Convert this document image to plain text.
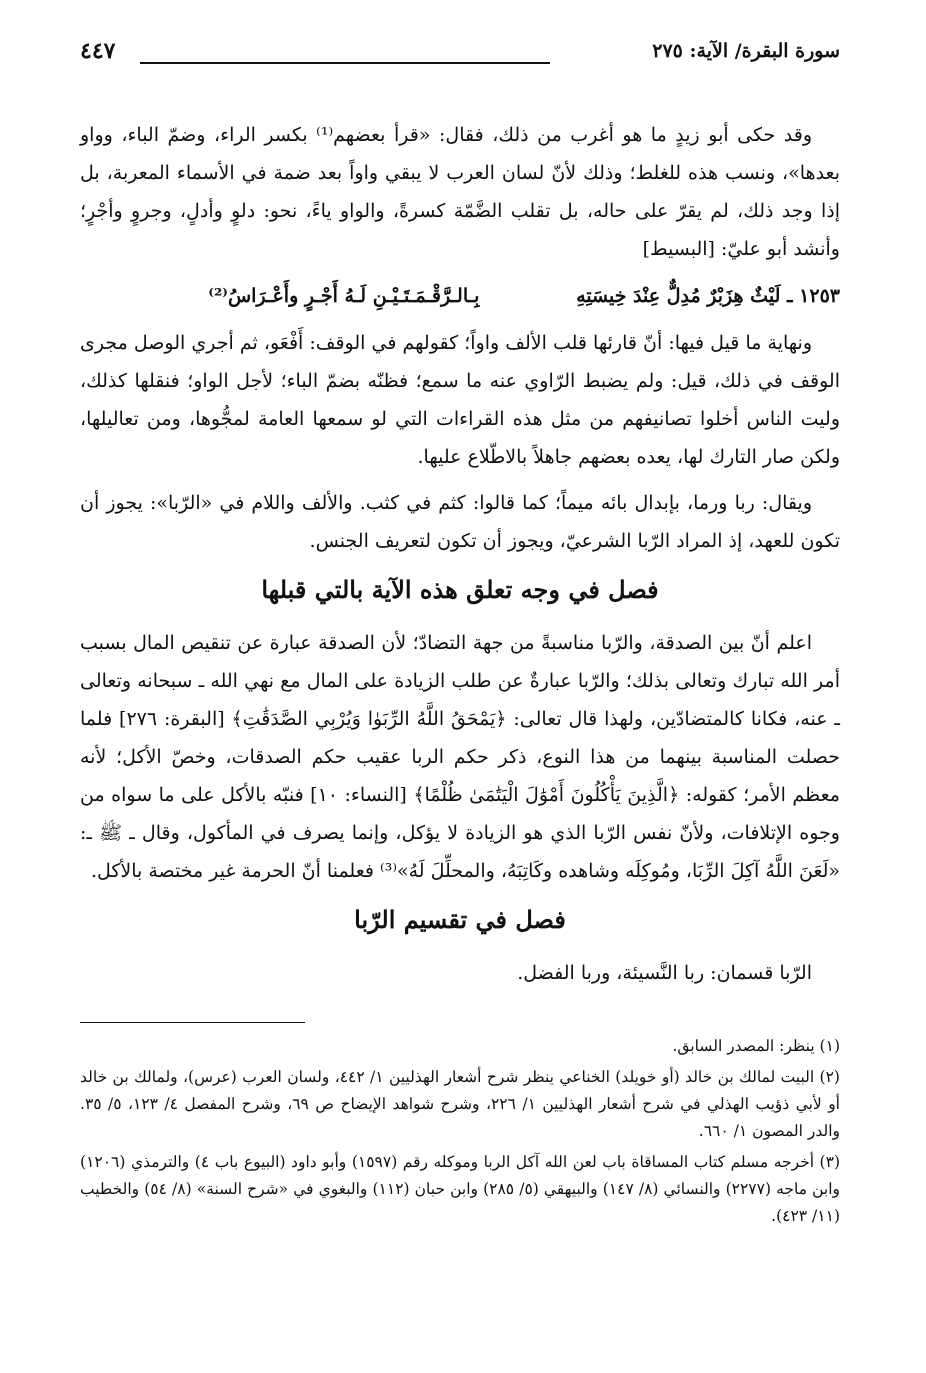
سورة البقرة/ الآية: ٢٧٥
٤٤٧

وقد حكى أبو زيدٍ ما هو أغرب من ذلك، فقال: «قرأ بعضهم⁽¹⁾ بكسر الراء، وضمّ الباء، وواو بعدها»، ونسب هذه للغلط؛ وذلك لأنّ لسان العرب لا يبقي واواً بعد ضمة في الأسماء المعربة، بل إذا وجد ذلك، لم يقرّ على حاله، بل تقلب الضَّمّة كسرةً، والواو ياءً، نحو: دلوٍ وأدلٍ، وجروٍ وأجْرٍ؛ وأنشد أبو عليّ: [البسيط]

١٢٥٣ ـ لَيْثٌ هِزَبْرٌ مُدِلٌّ عِنْدَ خِيسَتِهِ بِـالـرَّقْـمَـتَـيْـنِ لَـهُ أَجْـرٍ وأَعْـرَاسُ⁽²⁾

ونهاية ما قيل فيها: أنّ قارئها قلب الألف واواً؛ كقولهم في الوقف: أَفْعَو، ثم أجري الوصل مجرى الوقف في ذلك، قيل: ولم يضبط الرّاوي عنه ما سمع؛ فظنّه بضمّ الباء؛ لأجل الواو؛ فنقلها كذلك، وليت الناس أخلوا تصانيفهم من مثل هذه القراءات التي لو سمعها العامة لمجُّوها، ومن تعاليلها، ولكن صار التارك لها، يعده بعضهم جاهلاً بالاطّلاع عليها.

ويقال: ربا ورما، بإبدال بائه ميماً؛ كما قالوا: كثم في كثب. والألف واللام في «الرّبا»: يجوز أن تكون للعهد، إذ المراد الرّبا الشرعيّ، ويجوز أن تكون لتعريف الجنس.

فصل في وجه تعلق هذه الآية بالتي قبلها

اعلم أنّ بين الصدقة، والرّبا مناسبةً من جهة التضادّ؛ لأن الصدقة عبارة عن تنقيص المال بسبب أمر الله تبارك وتعالى بذلك؛ والرّبا عبارةٌ عن طلب الزيادة على المال مع نهي الله ـ سبحانه وتعالى ـ عنه، فكانا كالمتضادّين، ولهذا قال تعالى: ﴿يَمْحَقُ اللَّهُ الرِّبَوٰا وَيُرْبِي الصَّدَقَٰتِ﴾ [البقرة: ٢٧٦] فلما حصلت المناسبة بينهما من هذا النوع، ذكر حكم الربا عقيب حكم الصدقات، وخصّ الأكل؛ لأنه معظم الأمر؛ كقوله: ﴿الَّذِينَ يَأْكُلُونَ أَمْوَٰلَ الْيَتَٰمَىٰ ظُلْمًا﴾ [النساء: ١٠] فنبّه بالأكل على ما سواه من وجوه الإتلافات، ولأنّ نفس الرّبا الذي هو الزيادة لا يؤكل، وإنما يصرف في المأكول، وقال ـ ﷺ ـ: «لَعَنَ اللَّهُ آكِلَ الرِّبَا، ومُوكِلَه وشاهده وكَاتِبَهُ، والمحلِّلَ لَهُ»⁽³⁾ فعلمنا أنّ الحرمة غير مختصة بالأكل.

فصل في تقسيم الرّبا

الرّبا قسمان: ربا النَّسيئة، وربا الفضل.

(١) ينظر: المصدر السابق.

(٢) البيت لمالك بن خالد (أو خويلد) الخناعي ينظر شرح أشعار الهذليين ١/ ٤٤٢، ولسان العرب (عرس)، ولمالك بن خالد أو لأبي ذؤيب الهذلي في شرح أشعار الهذليين ١/ ٢٢٦، وشرح شواهد الإيضاح ص ٦٩، وشرح المفصل ٤/ ١٢٣، ٥/ ٣٥. والدر المصون ١/ ٦٦٠.

(٣) أخرجه مسلم كتاب المساقاة باب لعن الله آكل الربا وموكله رقم (١٥٩٧) وأبو داود (البيوع باب ٤) والترمذي (١٢٠٦) وابن ماجه (٢٢٧٧) والنسائي (٨/ ١٤٧) والبيهقي (٥/ ٢٨٥) وابن حبان (١١٢) والبغوي في «شرح السنة» (٨/ ٥٤) والخطيب (١١/ ٤٢٣).
